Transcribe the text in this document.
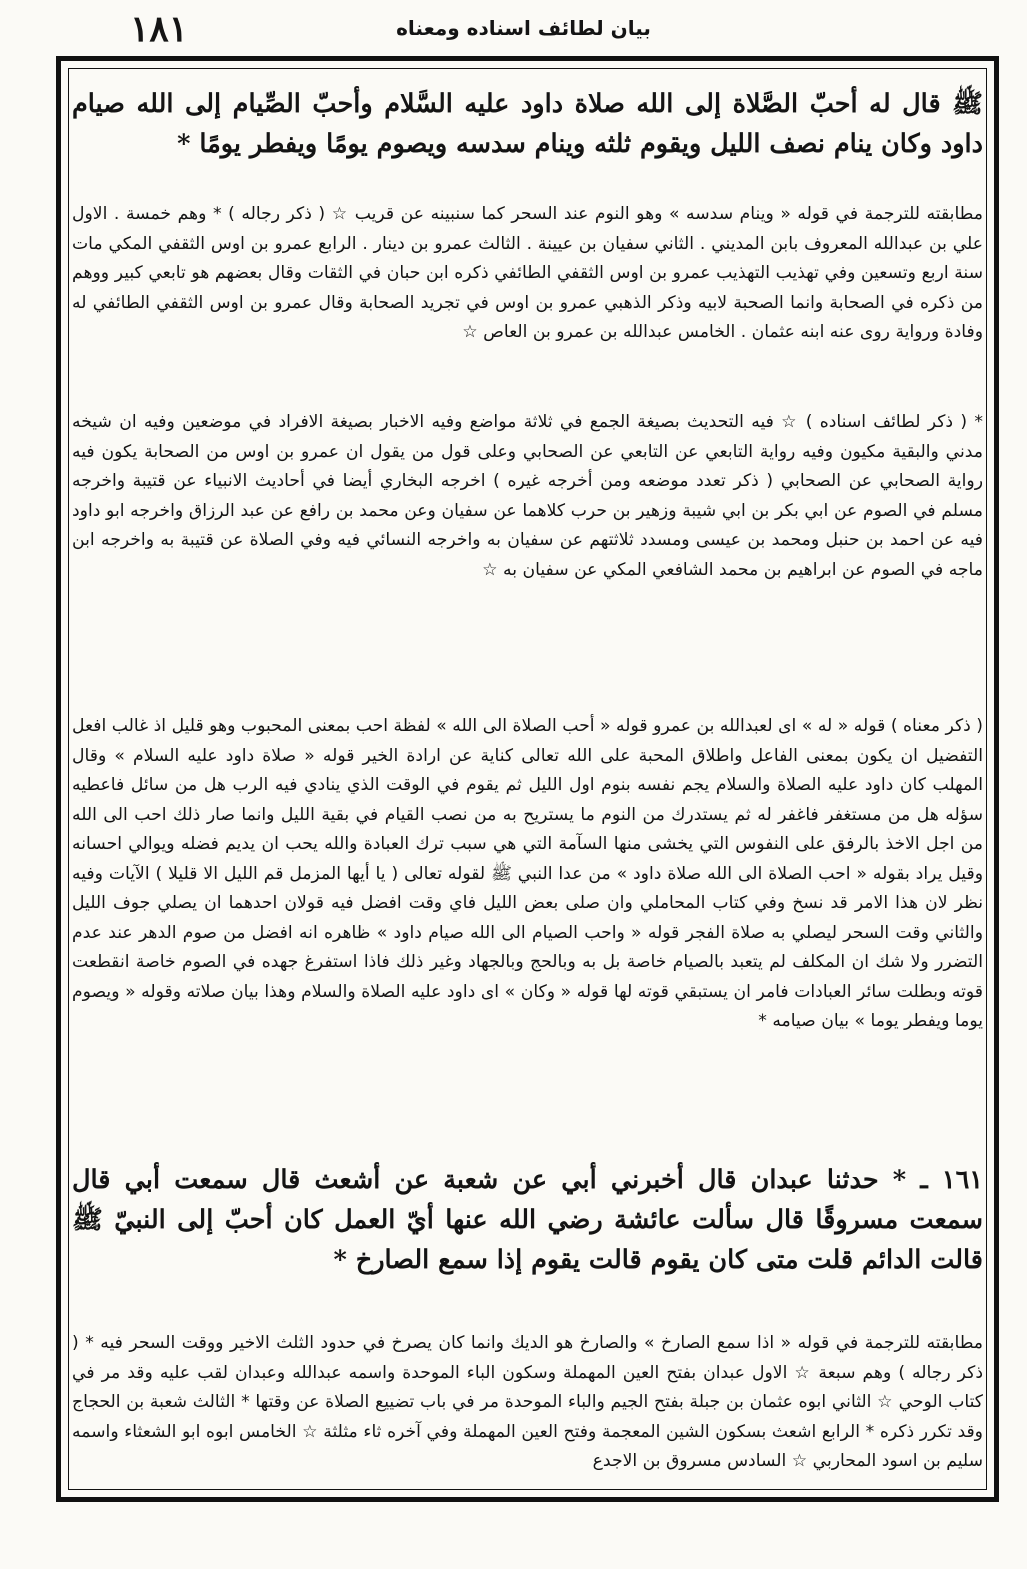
١٨١	بيان لطائف اسناده ومعناه

ﷺ قال له أحبّ الصَّلاة إلى الله صلاة داود عليه السَّلام وأحبّ الصِّيام إلى الله صيام داود وكان ينام نصف الليل ويقوم ثلثه وينام سدسه ويصوم يومًا ويفطر يومًا *

مطابقته للترجمة في قوله « وينام سدسه » وهو النوم عند السحر كما سنبينه عن قريب ☆ ( ذكر رجاله ) * وهم خمسة . الاول علي بن عبدالله المعروف بابن المديني . الثاني سفيان بن عيينة . الثالث عمرو بن دينار . الرابع عمرو بن اوس الثقفي المكي مات سنة اربع وتسعين وفي تهذيب التهذيب عمرو بن اوس الثقفي الطائفي ذكره ابن حبان في الثقات وقال بعضهم هو تابعي كبير ووهم من ذكره في الصحابة وانما الصحبة لابيه وذكر الذهبي عمرو بن اوس في تجريد الصحابة وقال عمرو بن اوس الثقفي الطائفي له وفادة ورواية روى عنه ابنه عثمان . الخامس عبدالله بن عمرو بن العاص ☆

* ( ذكر لطائف اسناده ) ☆ فيه التحديث بصيغة الجمع في ثلاثة مواضع وفيه الاخبار بصيغة الافراد في موضعين وفيه ان شيخه مدني والبقية مكيون وفيه رواية التابعي عن التابعي عن الصحابي وعلى قول من يقول ان عمرو بن اوس من الصحابة يكون فيه رواية الصحابي عن الصحابي ( ذكر تعدد موضعه ومن أخرجه غيره ) اخرجه البخاري أيضا في أحاديث الانبياء عن قتيبة واخرجه مسلم في الصوم عن ابي بكر بن ابي شيبة وزهير بن حرب كلاهما عن سفيان وعن محمد بن رافع عن عبد الرزاق واخرجه ابو داود فيه عن احمد بن حنبل ومحمد بن عيسى ومسدد ثلاثتهم عن سفيان به واخرجه النسائي فيه وفي الصلاة عن قتيبة به واخرجه ابن ماجه في الصوم عن ابراهيم بن محمد الشافعي المكي عن سفيان به ☆

( ذكر معناه ) قوله « له » اى لعبدالله بن عمرو قوله « أحب الصلاة الى الله » لفظة احب بمعنى المحبوب وهو قليل اذ غالب افعل التفضيل ان يكون بمعنى الفاعل واطلاق المحبة على الله تعالى كناية عن ارادة الخير قوله « صلاة داود عليه السلام » وقال المهلب كان داود عليه الصلاة والسلام يجم نفسه بنوم اول الليل ثم يقوم في الوقت الذي ينادي فيه الرب هل من سائل فاعطيه سؤله هل من مستغفر فاغفر له ثم يستدرك من النوم ما يستريح به من نصب القيام في بقية الليل وانما صار ذلك احب الى الله من اجل الاخذ بالرفق على النفوس التي يخشى منها السآمة التي هي سبب ترك العبادة والله يحب ان يديم فضله ويوالي احسانه وقيل يراد بقوله « احب الصلاة الى الله صلاة داود » من عدا النبي ﷺ لقوله تعالى ( يا أيها المزمل قم الليل الا قليلا ) الآيات وفيه نظر لان هذا الامر قد نسخ وفي كتاب المحاملي وان صلى بعض الليل فاي وقت افضل فيه قولان احدهما ان يصلي جوف الليل والثاني وقت السحر ليصلي به صلاة الفجر قوله « واحب الصيام الى الله صيام داود » ظاهره انه افضل من صوم الدهر عند عدم التضرر ولا شك ان المكلف لم يتعبد بالصيام خاصة بل به وبالحج وبالجهاد وغير ذلك فاذا استفرغ جهده في الصوم خاصة انقطعت قوته وبطلت سائر العبادات فامر ان يستبقي قوته لها قوله « وكان » اى داود عليه الصلاة والسلام وهذا بيان صلاته وقوله « ويصوم يوما ويفطر يوما » بيان صيامه *

١٦١ ـ * حدثنا عبدان قال أخبرني أبي عن شعبة عن أشعث قال سمعت أبي قال سمعت مسروقًا قال سألت عائشة رضي الله عنها أيّ العمل كان أحبّ إلى النبيّ ﷺ قالت الدائم قلت متى كان يقوم قالت يقوم إذا سمع الصارخ *

مطابقته للترجمة في قوله « اذا سمع الصارخ » والصارخ هو الديك وانما كان يصرخ في حدود الثلث الاخير ووقت السحر فيه * ( ذكر رجاله ) وهم سبعة ☆ الاول عبدان بفتح العين المهملة وسكون الباء الموحدة واسمه عبدالله وعبدان لقب عليه وقد مر في كتاب الوحي ☆ الثاني ابوه عثمان بن جبلة بفتح الجيم والباء الموحدة مر في باب تضييع الصلاة عن وقتها * الثالث شعبة بن الحجاج وقد تكرر ذكره * الرابع اشعث بسكون الشين المعجمة وفتح العين المهملة وفي آخره ثاء مثلثة ☆ الخامس ابوه ابو الشعثاء واسمه سليم بن اسود المحاربي ☆ السادس مسروق بن الاجدع
